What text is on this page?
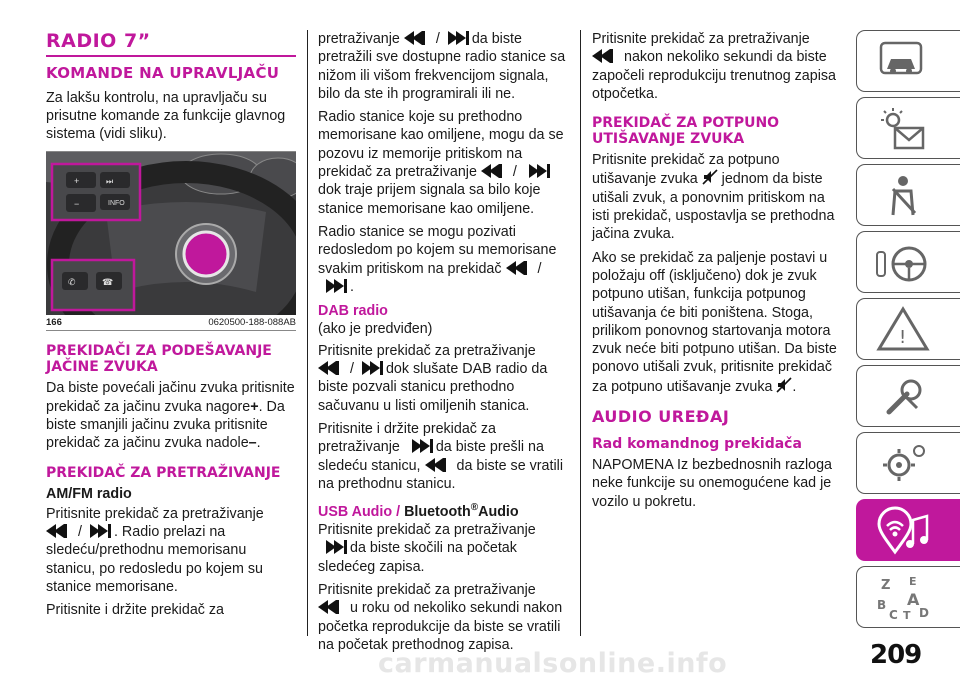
RADIO 7”
KOMANDE NA UPRAVLJAČU

Za lakšu kontrolu, na upravljaču su prisutne komande za funkcije glavnog sistema (vidi sliku).

INFO
+
−
⏭
✆	☎
166	0620500-188-088AB
PREKIDAČI ZA PODEŠAVANJE JAČINE ZVUKA

Da biste povećali jačinu zvuka pritisnite prekidač za jačinu zvuka nagore+. Da biste smanjili jačinu zvuka pritisnite prekidač za jačinu zvuka nadole–.

PREKIDAČ ZA PRETRAŽIVANJE
AM/FM radio

Pritisnite prekidač za pretraživanje

/ . Radio prelazi na sledeću/prethodnu memorisanu stanicu, po redosledu po kojem su stanice memorisane.

Pritisnite i držite prekidač za

pretraživanje	/ da biste pretražili sve dostupne radio stanice sa nižom ili višom frekvencijom signala, bilo da ste ih programirali ili ne.

Radio stanice koje su prethodno memorisane kao omiljene, mogu da se pozovu iz memorije pritiskom na prekidač za pretraživanje	/
dok traje prijem signala sa bilo koje stanice memorisane kao omiljene.

Radio stanice se mogu pozivati redosledom po kojem su memorisane svakim pritiskom na prekidač	/

.

DAB radio
(ako je predviđen)

Pritisnite prekidač za pretraživanje

/ dok slušate DAB radio da biste pozvali stanicu prethodno sačuvanu u listi omiljenih stanica.

Pritisnite i držite prekidač za pretraživanje	da biste prešli na sledeću stanicu,	da biste se vratili na prethodnu stanicu.

USB Audio / Bluetooth®Audio

Pritisnite prekidač za pretraživanje

da biste skočili na početak sledećeg zapisa.

Pritisnite prekidač za pretraživanje

u roku od nekoliko sekundi nakon početka reprodukcije da biste se vratili na početak prethodnog zapisa.

Pritisnite prekidač za pretraživanje

nakon nekoliko sekundi da biste započeli reprodukciju trenutnog zapisa otpočetka.

PREKIDAČ ZA POTPUNO UTIŠAVANJE ZVUKA

Pritisnite prekidač za potpuno utišavanje zvuka jednom da biste utišali zvuk, a ponovnim pritiskom na isti prekidač, uspostavlja se prethodna jačina zvuka.

Ako se prekidač za paljenje postavi u položaju off (isključeno) dok je zvuk potpuno utišan, funkcija potpunog utišavanja će biti poništena. Stoga, prilikom ponovnog startovanja motora zvuk neće biti potpuno utišan. Da biste ponovo utišali zvuk, pritisnite prekidač za potpuno utišavanje zvuka .

AUDIO UREĐAJ
Rad komandnog prekidača

NAPOMENA Iz bezbednosnih razloga neke funkcije su onemogućene kad je vozilo u pokretu.

!
Z E
B A
C T D
209
carmanualsonline.info
